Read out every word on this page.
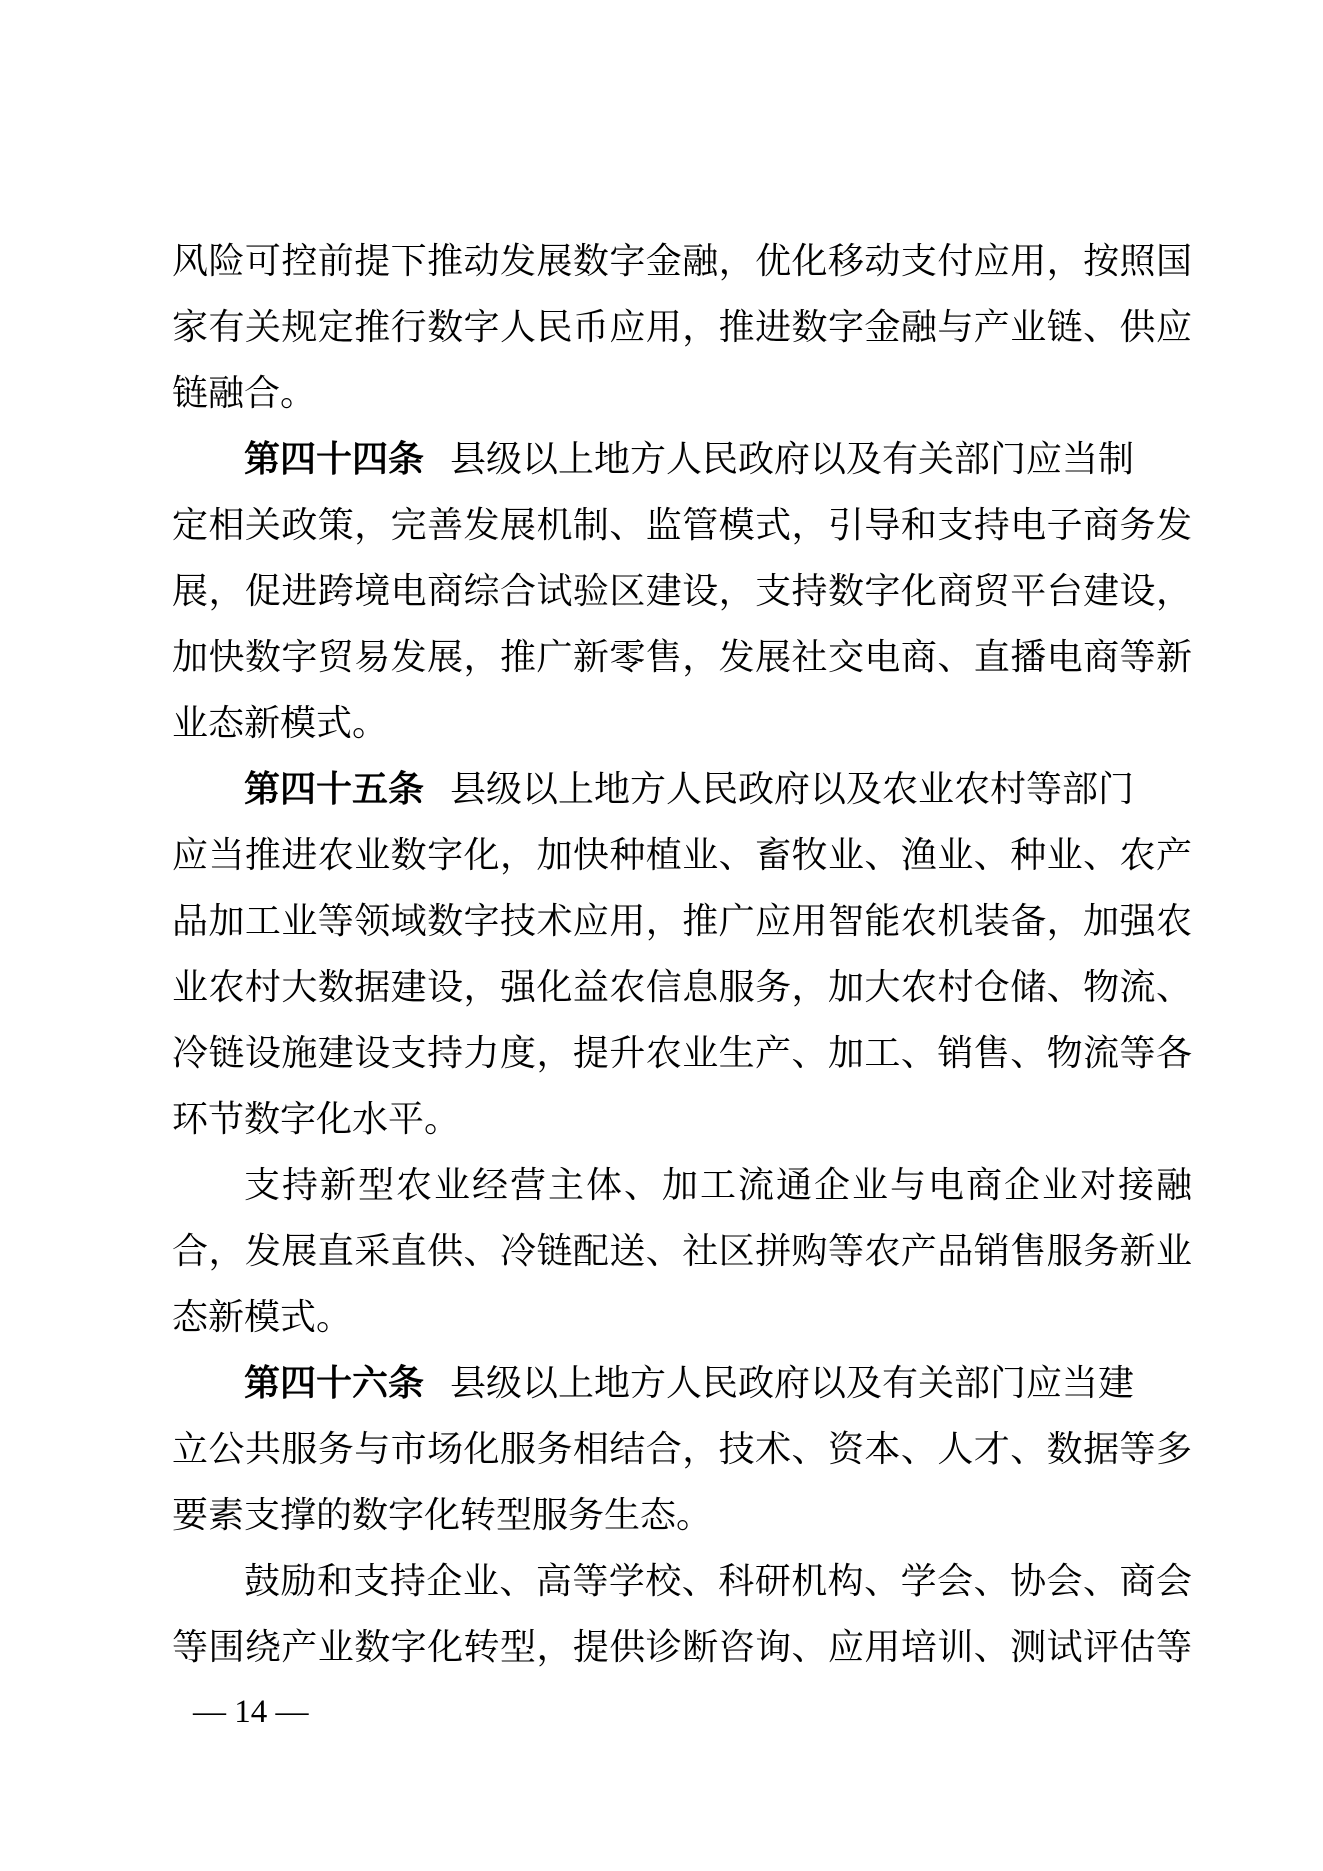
风险可控前提下推动发展数字金融，优化移动支付应用，按照国
家有关规定推行数字人民币应用，推进数字金融与产业链、供应
链融合。
第四十四条 县级以上地方人民政府以及有关部门应当制
定相关政策，完善发展机制、监管模式，引导和支持电子商务发
展，促进跨境电商综合试验区建设，支持数字化商贸平台建设，
加快数字贸易发展，推广新零售，发展社交电商、直播电商等新
业态新模式。
第四十五条 县级以上地方人民政府以及农业农村等部门
应当推进农业数字化，加快种植业、畜牧业、渔业、种业、农产
品加工业等领域数字技术应用，推广应用智能农机装备，加强农
业农村大数据建设，强化益农信息服务，加大农村仓储、物流、
冷链设施建设支持力度，提升农业生产、加工、销售、物流等各
环节数字化水平。
支持新型农业经营主体、加工流通企业与电商企业对接融
合，发展直采直供、冷链配送、社区拼购等农产品销售服务新业
态新模式。
第四十六条 县级以上地方人民政府以及有关部门应当建
立公共服务与市场化服务相结合，技术、资本、人才、数据等多
要素支撑的数字化转型服务生态。
鼓励和支持企业、高等学校、科研机构、学会、协会、商会
等围绕产业数字化转型，提供诊断咨询、应用培训、测试评估等
— 14 —
